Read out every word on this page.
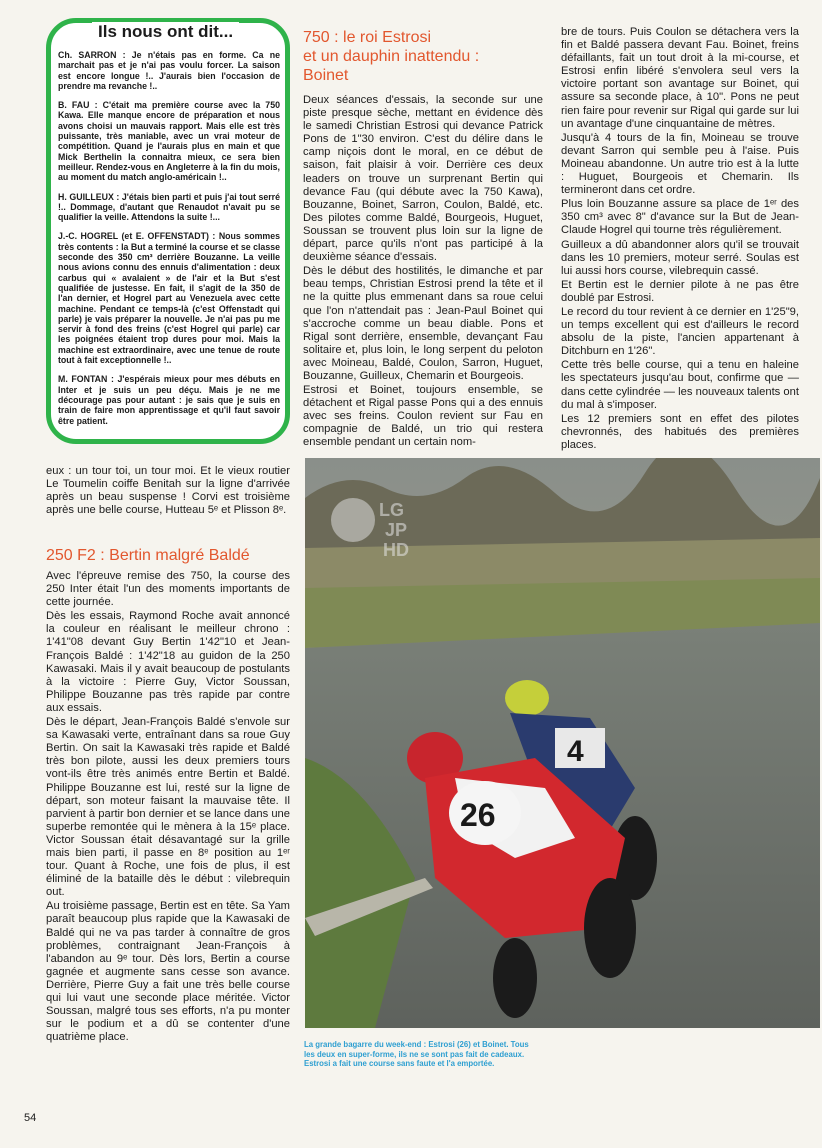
Ils nous ont dit...

Ch. SARRON : Je n'étais pas en forme. Ca ne marchait pas et je n'ai pas voulu forcer. La saison est encore longue !.. J'aurais bien l'occasion de prendre ma revanche !..

B. FAU : C'était ma première course avec la 750 Kawa. Elle manque encore de préparation et nous avons choisi un mauvais rapport. Mais elle est très puissante, très maniable, avec un vrai moteur de compétition. Quand je l'aurais plus en main et que Mick Berthelin la connaitra mieux, ce sera bien meilleur. Rendez-vous en Angleterre à la fin du mois, au moment du match anglo-américain !..

H. GUILLEUX : J'étais bien parti et puis j'ai tout serré !.. Dommage, d'autant que Renaudot n'avait pu se qualifier la veille. Attendons la suite !...

J.-C. HOGREL (et E. OFFENSTADT) : Nous sommes très contents : la But a terminé la course et se classe seconde des 350 cm³ derrière Bouzanne. La veille nous avions connu des ennuis d'alimentation : deux carbus qui « avalaient » de l'air et la But s'est qualifiée de justesse. En fait, il s'agit de la 350 de l'an dernier, et Hogrel part au Venezuela avec cette machine. Pendant ce temps-là (c'est Offenstadt qui parle) je vais préparer la nouvelle. Je n'ai pas pu me servir à fond des freins (c'est Hogrel qui parle) car les poignées étaient trop dures pour moi. Mais la machine est extraordinaire, avec une tenue de route tout à fait exceptionnelle !..

M. FONTAN : J'espérais mieux pour mes débuts en Inter et je suis un peu déçu. Mais je ne me décourage pas pour autant : je sais que je suis en train de faire mon apprentissage et qu'il faut savoir être patient.

750 : le roi Estrosi
et un dauphin inattendu :
Boinet

Deux séances d'essais, la seconde sur une piste presque sèche, mettant en évidence dès le samedi Christian Estrosi qui devance Patrick Pons de 1"30 environ. C'est du délire dans le camp niçois dont le moral, en ce début de saison, fait plaisir à voir. Derrière ces deux leaders on trouve un surprenant Bertin qui devance Fau (qui débute avec la 750 Kawa), Bouzanne, Boinet, Sarron, Coulon, Baldé, etc. Des pilotes comme Baldé, Bourgeois, Huguet, Soussan se trouvent plus loin sur la ligne de départ, parce qu'ils n'ont pas participé à la deuxième séance d'essais.

Dès le début des hostilités, le dimanche et par beau temps, Christian Estrosi prend la tête et il ne la quitte plus emmenant dans sa roue celui que l'on n'attendait pas : Jean-Paul Boinet qui s'accroche comme un beau diable. Pons et Rigal sont derrière, ensemble, devançant Fau solitaire et, plus loin, le long serpent du peloton avec Moineau, Baldé, Coulon, Sarron, Huguet, Bouzanne, Guilleux, Chemarin et Bourgeois.

Estrosi et Boinet, toujours ensemble, se détachent et Rigal passe Pons qui a des ennuis avec ses freins. Coulon revient sur Fau en compagnie de Baldé, un trio qui restera ensemble pendant un certain nom-

bre de tours. Puis Coulon se détachera vers la fin et Baldé passera devant Fau. Boinet, freins défaillants, fait un tout droit à la mi-course, et Estrosi enfin libéré s'envolera seul vers la victoire portant son avantage sur Boinet, qui assure sa seconde place, à 10". Pons ne peut rien faire pour revenir sur Rigal qui garde sur lui un avantage d'une cinquantaine de mètres.

Jusqu'à 4 tours de la fin, Moineau se trouve devant Sarron qui semble peu à l'aise. Puis Moineau abandonne. Un autre trio est à la lutte : Huguet, Bourgeois et Chemarin. Ils termineront dans cet ordre.

Plus loin Bouzanne assure sa place de 1ᵉʳ des 350 cm³ avec 8" d'avance sur la But de Jean-Claude Hogrel qui tourne très régulièrement.

Guilleux a dû abandonner alors qu'il se trouvait dans les 10 premiers, moteur serré. Soulas est lui aussi hors course, vilebrequin cassé.

Et Bertin est le dernier pilote à ne pas être doublé par Estrosi.

Le record du tour revient à ce dernier en 1'25"9, un temps excellent qui est d'ailleurs le record absolu de la piste, l'ancien appartenant à Ditchburn en 1'26".

Cette très belle course, qui a tenu en haleine les spectateurs jusqu'au bout, confirme que — dans cette cylindrée — les nouveaux talents ont du mal à s'imposer.

Les 12 premiers sont en effet des pilotes chevronnés, des habitués des premières places.

eux : un tour toi, un tour moi. Et le vieux routier Le Toumelin coiffe Benitah sur la ligne d'arrivée après un beau suspense ! Corvi est troisième après une belle course, Hutteau 5ᵉ et Plisson 8ᵉ.

250 F2 : Bertin malgré Baldé

Avec l'épreuve remise des 750, la course des 250 Inter était l'un des moments importants de cette journée.

Dès les essais, Raymond Roche avait annoncé la couleur en réalisant le meilleur chrono : 1'41"08 devant Guy Bertin 1'42"10 et Jean-François Baldé : 1'42"18 au guidon de la 250 Kawasaki. Mais il y avait beaucoup de postulants à la victoire : Pierre Guy, Victor Soussan, Philippe Bouzanne pas très rapide par contre aux essais.

Dès le départ, Jean-François Baldé s'envole sur sa Kawasaki verte, entraînant dans sa roue Guy Bertin. On sait la Kawasaki très rapide et Baldé très bon pilote, aussi les deux premiers tours vont-ils être très animés entre Bertin et Baldé. Philippe Bouzanne est lui, resté sur la ligne de départ, son moteur faisant la mauvaise tête. Il parvient à partir bon dernier et se lance dans une superbe remontée qui le mènera à la 15ᵉ place. Victor Soussan était désavantagé sur la grille mais bien parti, il passe en 8ᵉ position au 1ᵉʳ tour. Quant à Roche, une fois de plus, il est éliminé de la bataille dès le début : vilebrequin out.

Au troisième passage, Bertin est en tête. Sa Yam paraît beaucoup plus rapide que la Kawasaki de Baldé qui ne va pas tarder à connaître de gros problèmes, contraignant Jean-François à l'abandon au 9ᵉ tour. Dès lors, Bertin a course gagnée et augmente sans cesse son avance. Derrière, Pierre Guy a fait une très belle course qui lui vaut une seconde place méritée. Victor Soussan, malgré tous ses efforts, n'a pu monter sur le podium et a dû se contenter d'une quatrième place.

4
26
LG
JP
HD
La grande bagarre du week-end : Estrosi (26) et Boinet. Tous les deux en super-forme, ils ne se sont pas fait de cadeaux. Estrosi a fait une course sans faute et l'a emportée.
54
